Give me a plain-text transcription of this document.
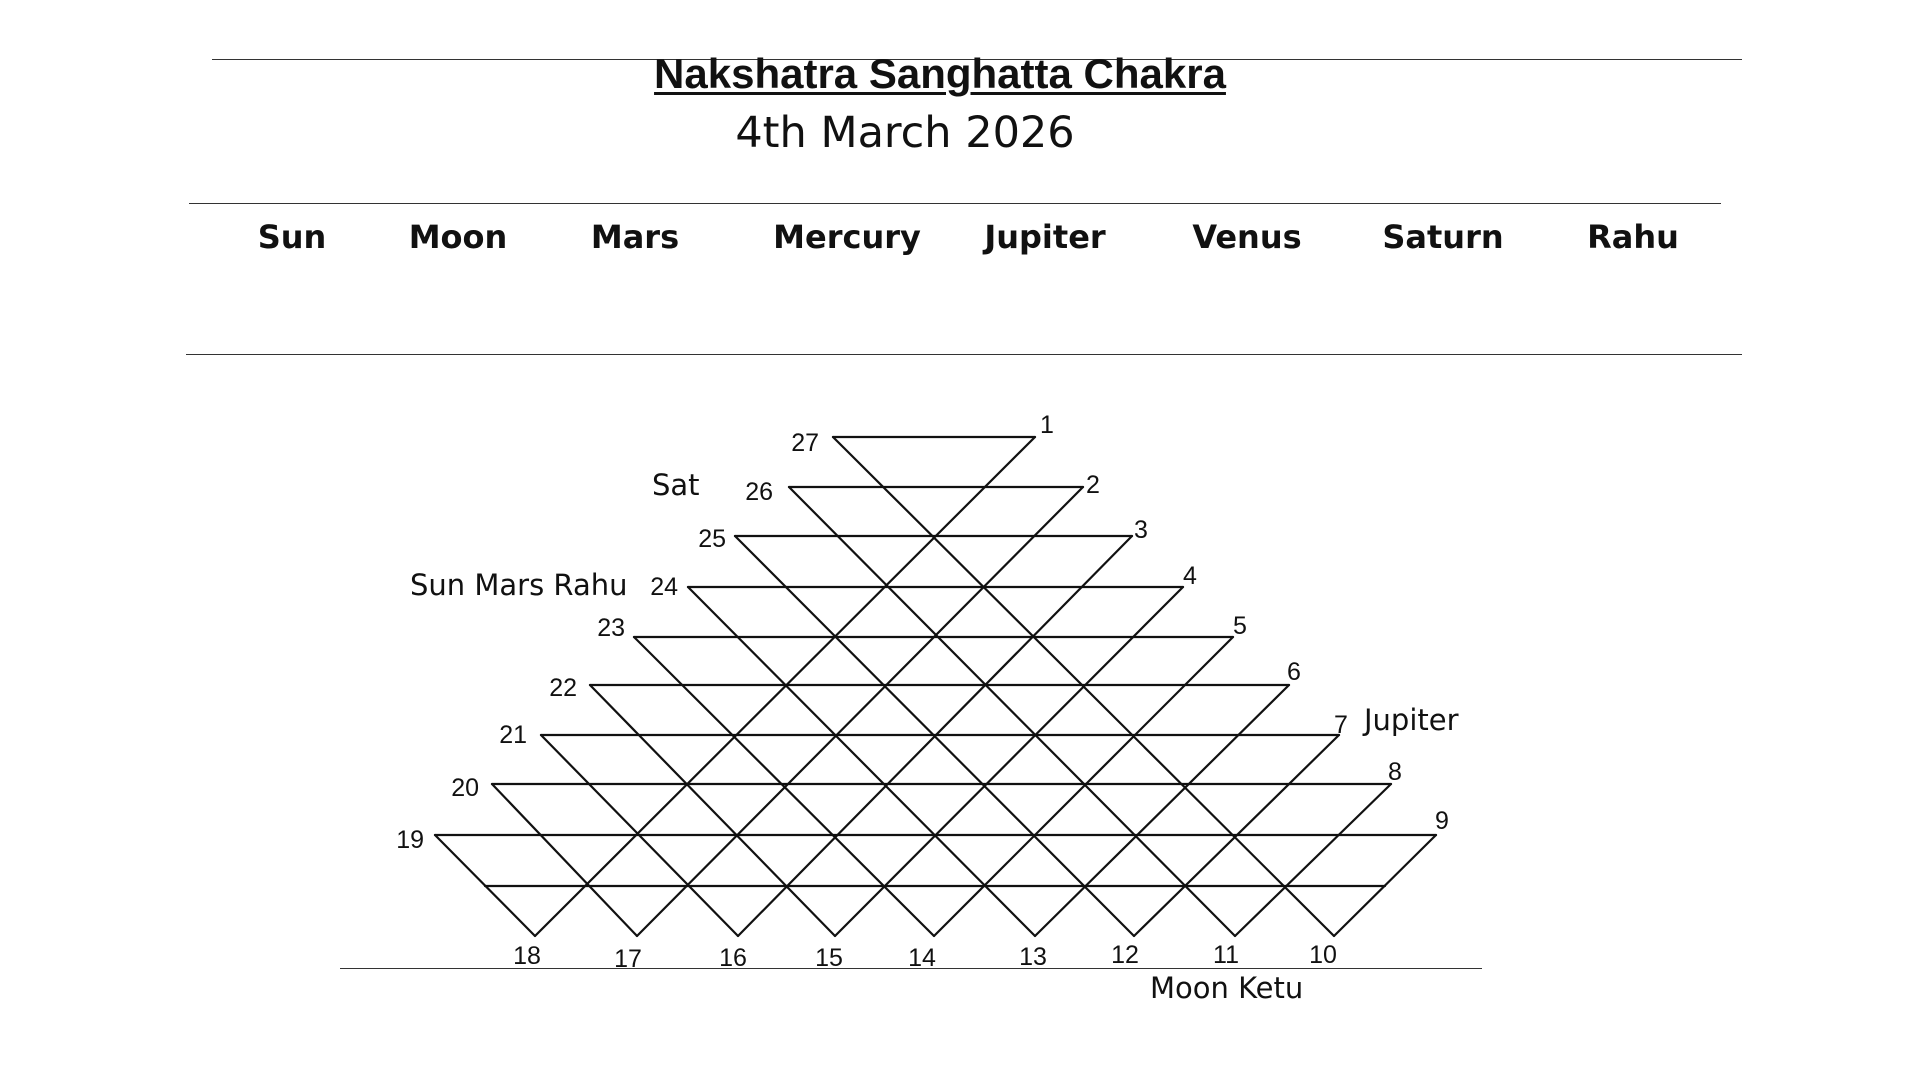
Nakshatra Sanghatta Chakra
4th March 2026
Sun	Moon	Mars	Mercury	Jupiter	Venus	Saturn	Rahu
1
2
3
4
5
6
7
8
9
10
11
12
13
14
15
16
17
18
19
20
21
22
23
24
25
26
27
Sat
Sun Mars Rahu
Jupiter
Moon Ketu
